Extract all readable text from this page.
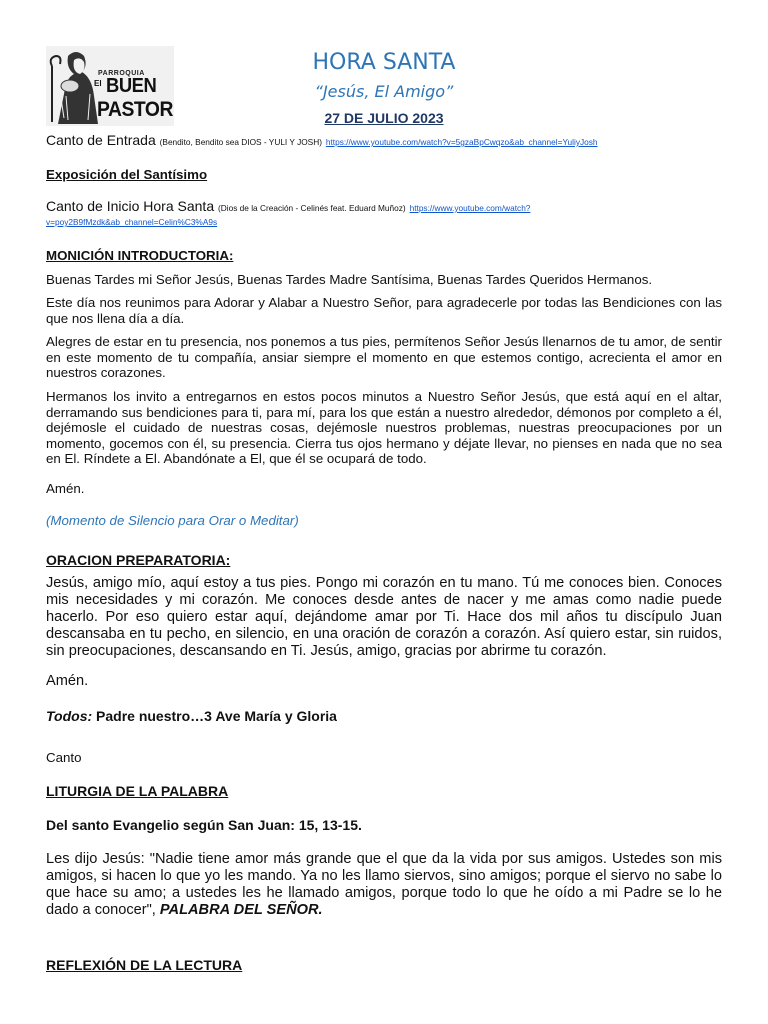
PARROQUIA
El BUEN
PASTOR
HORA SANTA
“Jesús, El Amigo”
27 DE JULIO 2023

Canto de Entrada (Bendito, Bendito sea DIOS - YULI Y JOSH) https://www.youtube.com/watch?v=5gzaBpCwqzo&ab_channel=YuliyJosh

Exposición del Santísimo

Canto de Inicio Hora Santa (Dios de la Creación - Celinés feat. Eduard Muñoz) https://www.youtube.com/watch?

v=poy2B9fMzdk&ab_channel=Celin%C3%A9s

MONICIÓN INTRODUCTORIA:

Buenas Tardes mi Señor Jesús, Buenas Tardes Madre Santísima, Buenas Tardes Queridos Hermanos.

Este día nos reunimos para Adorar y Alabar a Nuestro Señor, para agradecerle por todas las Bendiciones con las que nos llena día a día.

Alegres de estar en tu presencia, nos ponemos a tus pies, permítenos Señor Jesús llenarnos de tu amor, de sentir en este momento de tu compañía, ansiar siempre el momento en que estemos contigo, acrecienta el amor en nuestros corazones.

Hermanos los invito a entregarnos en estos pocos minutos a Nuestro Señor Jesús, que está aquí en el altar, derramando sus bendiciones para ti, para mí, para los que están a nuestro alrededor, démonos por completo a él, dejémosle el cuidado de nuestras cosas, dejémosle nuestros problemas, nuestras preocupaciones por un momento, gocemos con él, su presencia. Cierra tus ojos hermano y déjate llevar, no pienses en nada que no sea en El. Ríndete a El. Abandónate a El, que él se ocupará de todo.

Amén.

(Momento de Silencio para Orar o Meditar)

ORACION PREPARATORIA:

Jesús, amigo mío, aquí estoy a tus pies. Pongo mi corazón en tu mano. Tú me conoces bien. Conoces mis necesidades y mi corazón. Me conoces desde antes de nacer y me amas como nadie puede hacerlo. Por eso quiero estar aquí, dejándome amar por Ti. Hace dos mil años tu discípulo Juan descansaba en tu pecho, en silencio, en una oración de corazón a corazón. Así quiero estar, sin ruidos, sin preocupaciones, descansando en Ti. Jesús, amigo, gracias por abrirme tu corazón.

Amén.

Todos: Padre nuestro…3 Ave María y Gloria

Canto

LITURGIA DE LA PALABRA

Del santo Evangelio según San Juan: 15, 13-15.

Les dijo Jesús: "Nadie tiene amor más grande que el que da la vida por sus amigos. Ustedes son mis amigos, si hacen lo que yo les mando. Ya no les llamo siervos, sino amigos; porque el siervo no sabe lo que hace su amo; a ustedes les he llamado amigos, porque todo lo que he oído a mi Padre se lo he dado a conocer", PALABRA DEL SEÑOR.

REFLEXIÓN DE LA LECTURA
